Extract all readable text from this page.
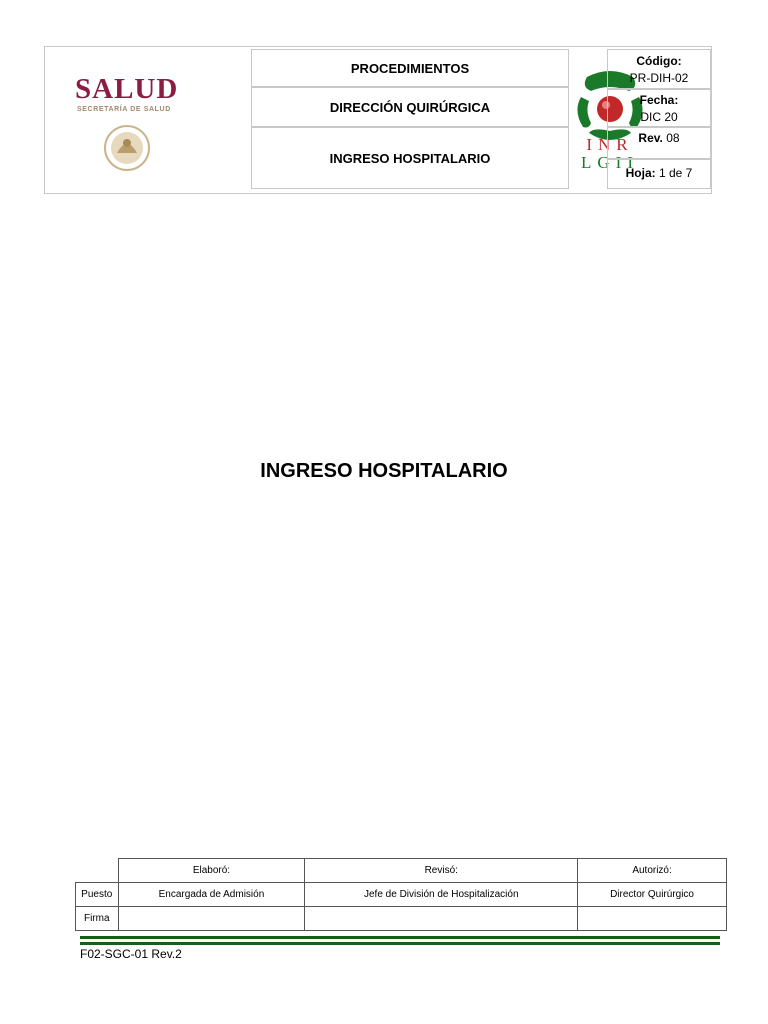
SALUD
SECRETARÍA DE SALUD
PROCEDIMIENTOS
DIRECCIÓN QUIRÚRGICA
INGRESO HOSPITALARIO
INR
LGII
Código:
PR-DIH-02
Fecha:
DIC 20
Rev. 08
Hoja: 1 de 7
INGRESO HOSPITALARIO
	Elaboró:	Revisó:	Autorizó:
Puesto	Encargada de Admisión	Jefe de División de Hospitalización	Director Quirúrgico
Firma			
F02-SGC-01 Rev.2
